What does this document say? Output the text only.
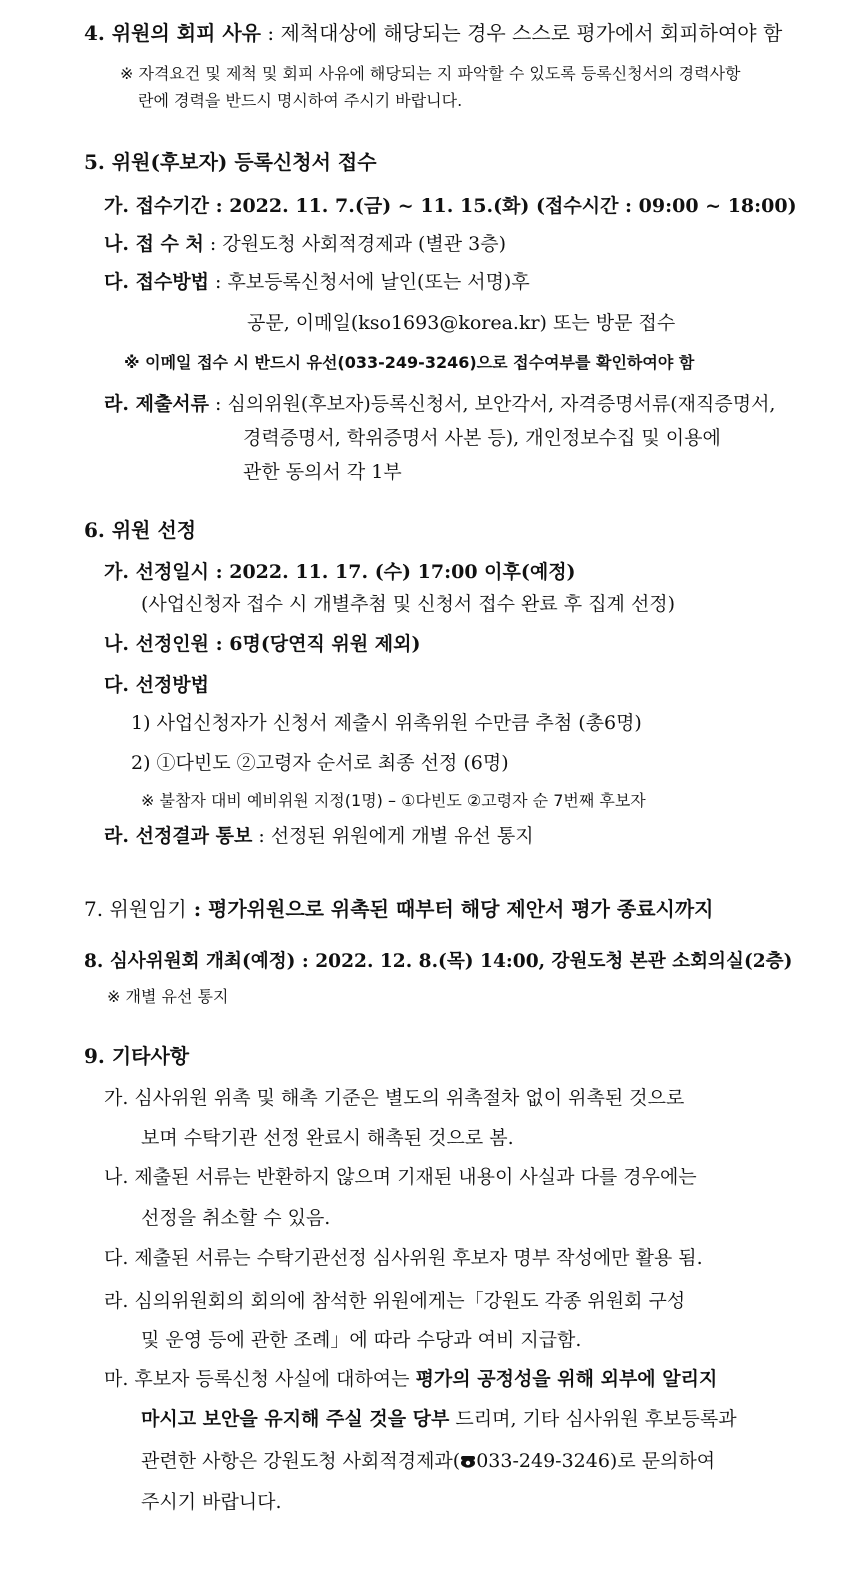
4. 위원의 회피 사유 : 제척대상에 해당되는 경우 스스로 평가에서 회피하여야 함
※ 자격요건 및 제척 및 회피 사유에 해당되는 지 파악할 수 있도록 등록신청서의 경력사항
란에 경력을 반드시 명시하여 주시기 바랍니다.
5. 위원(후보자) 등록신청서 접수
가. 접수기간 : 2022. 11. 7.(금) ~ 11. 15.(화) (접수시간 : 09:00 ~ 18:00)
나. 접 수 처 : 강원도청 사회적경제과 (별관 3층)
다. 접수방법 : 후보등록신청서에 날인(또는 서명)후
공문, 이메일(kso1693@korea.kr) 또는 방문 접수
※ 이메일 접수 시 반드시 유선(033-249-3246)으로 접수여부를 확인하여야 함
라. 제출서류 : 심의위원(후보자)등록신청서, 보안각서, 자격증명서류(재직증명서,
경력증명서, 학위증명서 사본 등), 개인정보수집 및 이용에
관한 동의서 각 1부
6. 위원 선정
가. 선정일시 : 2022. 11. 17. (수) 17:00 이후(예정)
(사업신청자 접수 시 개별추첨 및 신청서 접수 완료 후 집계 선정)
나. 선정인원 : 6명(당연직 위원 제외)
다. 선정방법
1) 사업신청자가 신청서 제출시 위촉위원 수만큼 추첨 (총6명)
2) ①다빈도 ②고령자 순서로 최종 선정 (6명)
※ 불참자 대비 예비위원 지정(1명) – ①다빈도 ②고령자 순 7번째 후보자
라. 선정결과 통보 : 선정된 위원에게 개별 유선 통지
7. 위원임기 : 평가위원으로 위촉된 때부터 해당 제안서 평가 종료시까지
8. 심사위원회 개최(예정) : 2022. 12. 8.(목) 14:00, 강원도청 본관 소회의실(2층)
※ 개별 유선 통지
9. 기타사항
가. 심사위원 위촉 및 해촉 기준은 별도의 위촉절차 없이 위촉된 것으로
보며 수탁기관 선정 완료시 해촉된 것으로 봄.
나. 제출된 서류는 반환하지 않으며 기재된 내용이 사실과 다를 경우에는
선정을 취소할 수 있음.
다. 제출된 서류는 수탁기관선정 심사위원 후보자 명부 작성에만 활용 됨.
라. 심의위원회의 회의에 참석한 위원에게는「강원도 각종 위원회 구성
및 운영 등에 관한 조례」에 따라 수당과 여비 지급함.
마. 후보자 등록신청 사실에 대하여는 평가의 공정성을 위해 외부에 알리지
마시고 보안을 유지해 주실 것을 당부 드리며, 기타 심사위원 후보등록과
관련한 사항은 강원도청 사회적경제과( 033-249-3246)로 문의하여
주시기 바랍니다.
